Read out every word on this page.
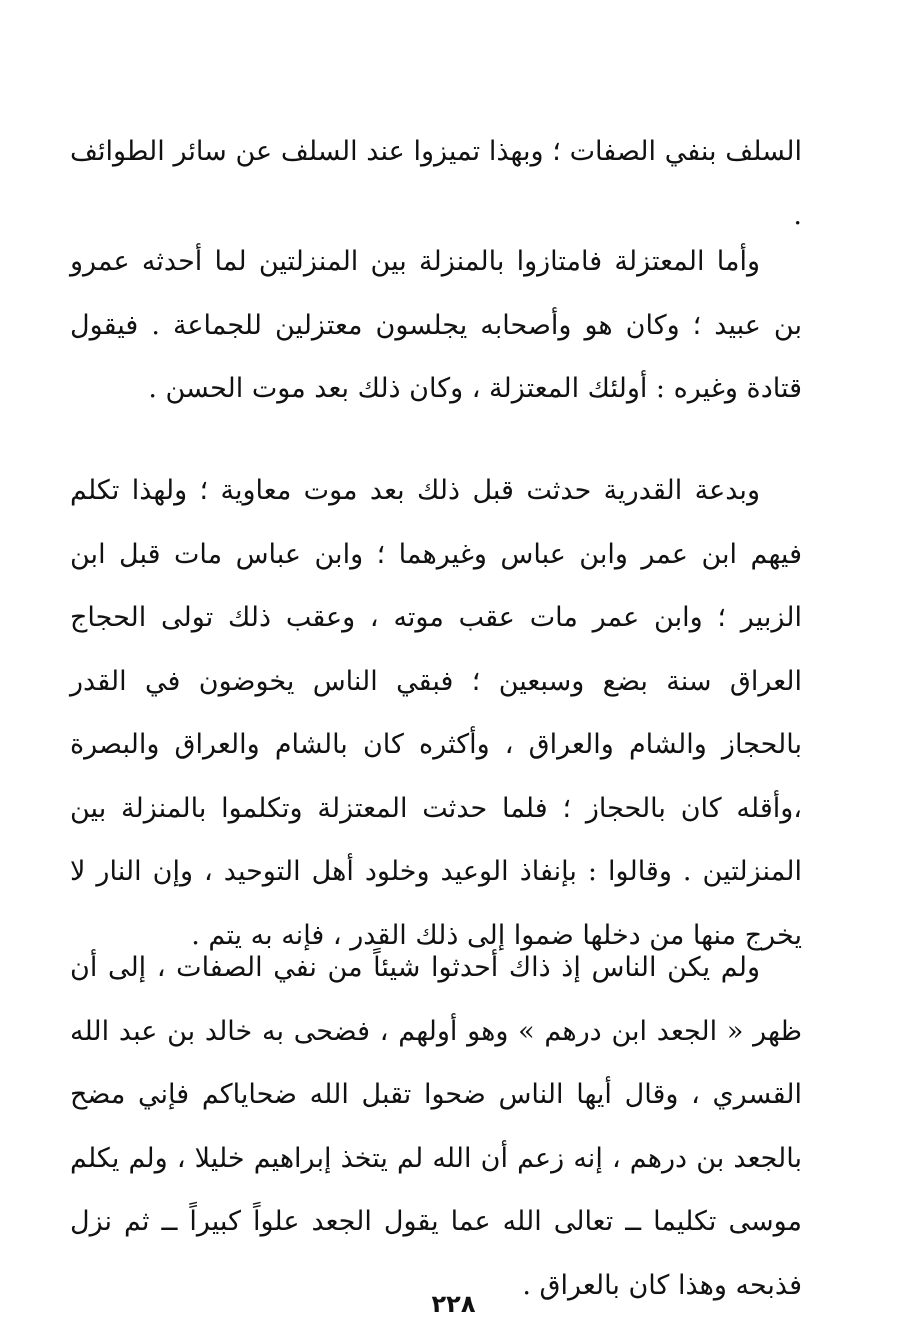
السلف بنفي الصفات ؛ وبهذا تميزوا عند السلف عن سائر الطوائف .
وأما المعتزلة فامتازوا بالمنزلة بين المنزلتين لما أحدثه عمرو بن عبيد ؛ وكان هو وأصحابه يجلسون معتزلين للجماعة . فيقول قتادة وغيره : أولئك المعتزلة ، وكان ذلك بعد موت الحسن .
وبدعة القدرية حدثت قبل ذلك بعد موت معاوية ؛ ولهذا تكلم فيهم ابن عمر وابن عباس وغيرهما ؛ وابن عباس مات قبل ابن الزبير ؛ وابن عمر مات عقب موته ، وعقب ذلك تولى الحجاج العراق سنة بضع وسبعين ؛ فبقي الناس يخوضون في القدر بالحجاز والشام والعراق ، وأكثره كان بالشام والعراق والبصرة ،وأقله كان بالحجاز ؛ فلما حدثت المعتزلة وتكلموا بالمنزلة بين المنزلتين . وقالوا : بإنفاذ الوعيد وخلود أهل التوحيد ، وإن النار لا يخرج منها من دخلها ضموا إلى ذلك القدر ، فإنه به يتم .
ولم يكن الناس إذ ذاك أحدثوا شيئاً من نفي الصفات ، إلى أن ظهر « الجعد ابن درهم » وهو أولهم ، فضحى به خالد بن عبد الله القسري ، وقال أيها الناس ضحوا تقبل الله ضحاياكم فإني مضح بالجعد بن درهم ، إنه زعم أن الله لم يتخذ إبراهيم خليلا ، ولم يكلم موسى تكليما ــ تعالى الله عما يقول الجعد علواً كبيراً ــ ثم نزل فذبحه وهذا كان بالعراق .
٢٢٨
